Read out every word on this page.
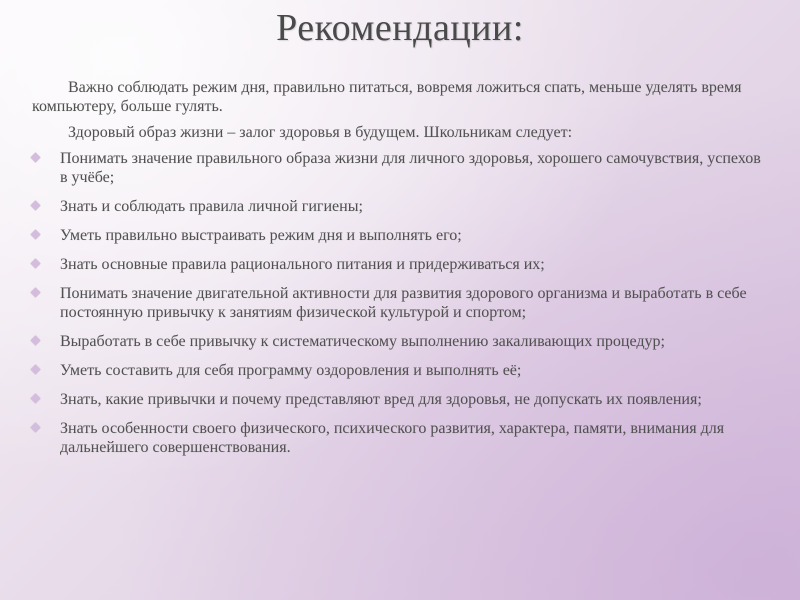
Рекомендации:

Важно соблюдать режим дня, правильно питаться, вовремя ложиться спать, меньше уделять время компьютеру, больше гулять.

Здоровый образ жизни – залог здоровья в будущем. Школьникам следует:

Понимать значение правильного образа жизни для личного здоровья, хорошего самочувствия, успехов в учёбе;
Знать и соблюдать правила личной гигиены;
Уметь правильно выстраивать режим дня и выполнять его;
Знать основные правила рационального питания и придерживаться их;
Понимать значение двигательной активности для развития здорового организма и выработать в себе постоянную привычку к занятиям физической культурой и спортом;
Выработать в себе привычку к систематическому выполнению закаливающих процедур;
Уметь составить для себя программу оздоровления и выполнять её;
Знать, какие привычки и почему представляют вред для здоровья, не допускать их появления;
Знать особенности своего физического, психического развития, характера, памяти, внимания для дальнейшего совершенствования.
